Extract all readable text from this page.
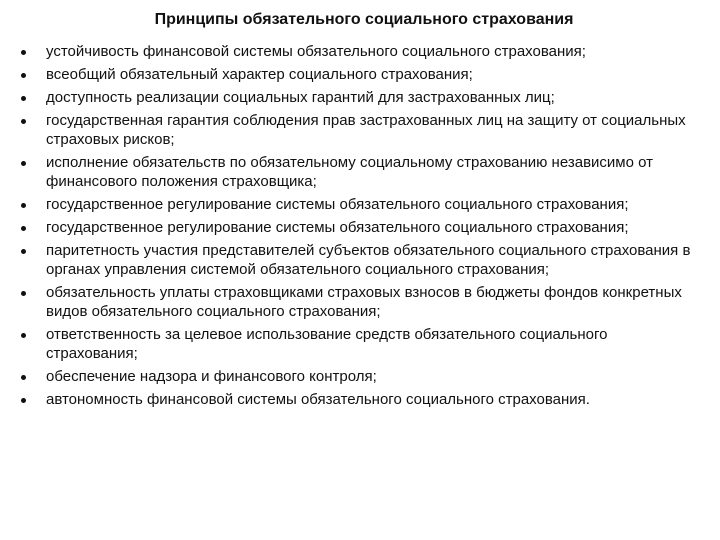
Принципы обязательного социального страхования
устойчивость финансовой системы обязательного социального страхования;
всеобщий обязательный характер социального страхования;
доступность реализации социальных гарантий для застрахованных лиц;
государственная гарантия соблюдения прав застрахованных лиц на защиту от социальных страховых рисков;
исполнение обязательств по обязательному социальному страхованию независимо от финансового положения страховщика;
государственное регулирование системы обязательного социального страхования;
государственное регулирование системы обязательного социального страхования;
паритетность участия представителей субъектов обязательного социального страхования в органах управления системой обязательного социального страхования;
обязательность уплаты страховщиками страховых взносов в бюджеты фондов конкретных видов обязательного социального страхования;
ответственность за целевое использование средств обязательного социального страхования;
обеспечение надзора и финансового контроля;
автономность финансовой системы обязательного социального страхования.
